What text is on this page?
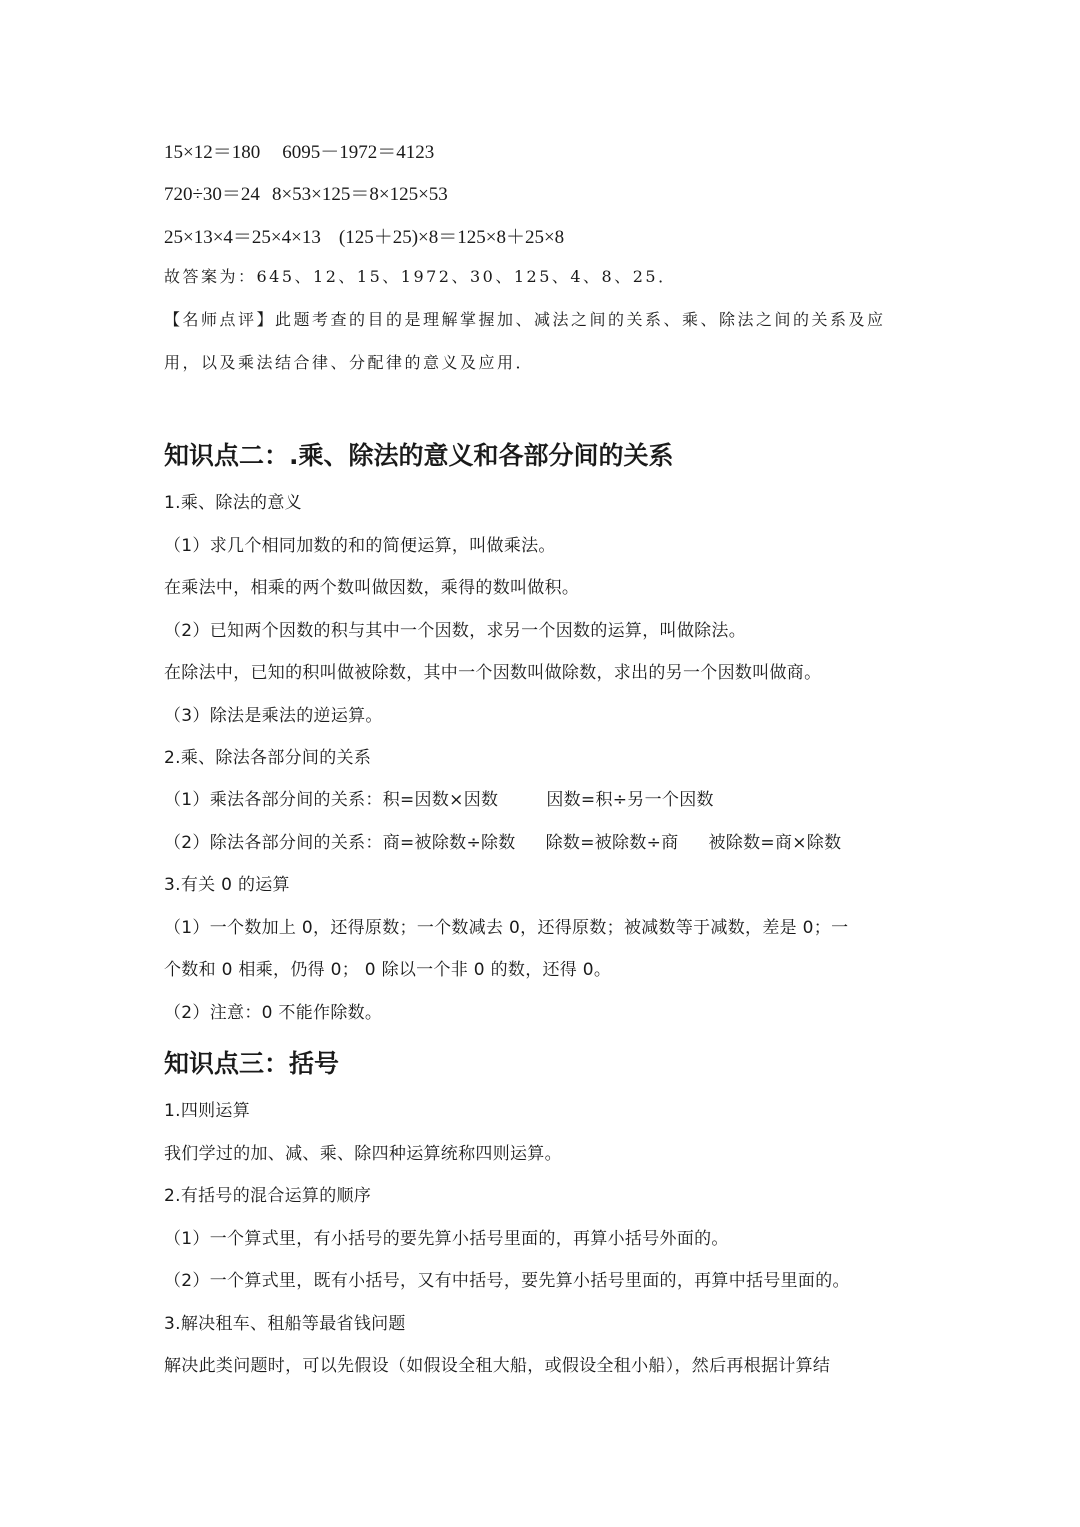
15×12＝180 6095－1972＝4123
720÷30＝24 8×53×125＝8×125×53
25×13×4＝25×4×13 (125＋25)×8＝125×8＋25×8
故答案为：645、12、15、1972、30、125、4、8、25．
【名师点评】此题考查的目的是理解掌握加、减法之间的关系、乘、除法之间的关系及应
用，以及乘法结合律、分配律的意义及应用．
知识点二：.乘、除法的意义和各部分间的关系
1.乘、除法的意义
（1）求几个相同加数的和的简便运算，叫做乘法。
在乘法中，相乘的两个数叫做因数，乘得的数叫做积。
（2）已知两个因数的积与其中一个因数，求另一个因数的运算，叫做除法。
在除法中，已知的积叫做被除数，其中一个因数叫做除数，求出的另一个因数叫做商。
（3）除法是乘法的逆运算。
2.乘、除法各部分间的关系
（1）乘法各部分间的关系：积=因数×因数	因数=积÷另一个因数
（2）除法各部分间的关系：商=被除数÷除数 除数=被除数÷商 被除数=商×除数
3.有关 0 的运算
（1）一个数加上 0，还得原数；一个数减去 0，还得原数；被减数等于减数，差是 0；一
个数和 0 相乘，仍得 0； 0 除以一个非 0 的数，还得 0。
（2）注意：0 不能作除数。
知识点三：括号
1.四则运算
我们学过的加、减、乘、除四种运算统称四则运算。
2.有括号的混合运算的顺序
（1）一个算式里，有小括号的要先算小括号里面的，再算小括号外面的。
（2）一个算式里，既有小括号，又有中括号，要先算小括号里面的，再算中括号里面的。
3.解决租车、租船等最省钱问题
解决此类问题时，可以先假设（如假设全租大船，或假设全租小船），然后再根据计算结
